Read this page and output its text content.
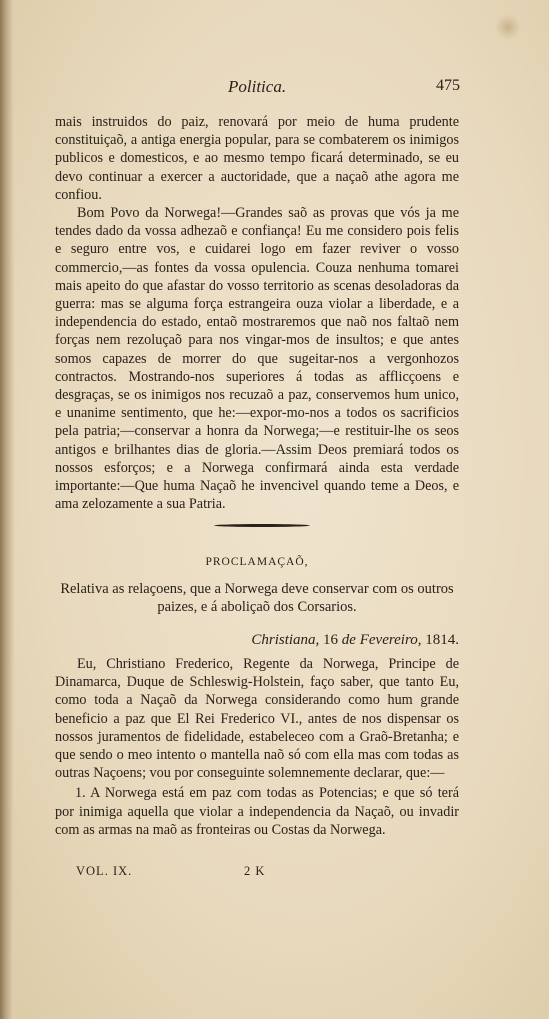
Politica.	475

mais instruidos do paiz, renovará por meio de huma prudente constituiçaõ, a antiga energia popular, para se combaterem os inimigos publicos e domesticos, e ao mesmo tempo ficará determinado, se eu devo continuar a exercer a auctoridade, que a naçaõ athe agora me confiou.

Bom Povo da Norwega!—Grandes saõ as provas que vós ja me tendes dado da vossa adhezaõ e confiança! Eu me considero pois felis e seguro entre vos, e cuidarei logo em fazer reviver o vosso commercio,—as fontes da vossa opulencia. Couza nenhuma tomarei mais apeito do que afastar do vosso territorio as scenas desoladoras da guerra: mas se alguma força estrangeira ouza violar a liberdade, e a independencia do estado, entaõ mostraremos que naõ nos faltaõ nem forças nem rezoluçaõ para nos vingar-mos de insultos; e que antes somos capazes de morrer do que sugeitar-nos a vergonhozos contractos. Mostrando-nos superiores á todas as afflicçoens e desgraças, se os inimigos nos recuzaõ a paz, conservemos hum unico, e unanime sentimento, que he:—expor-mo-nos a todos os sacrificios pela patria;—conservar a honra da Norwega;—e restituir-lhe os seos antigos e brilhantes dias de gloria.—Assim Deos premiará todos os nossos esforços; e a Norwega confirmará ainda esta verdade importante:—Que huma Naçaõ he invencivel quando teme a Deos, e ama zelozamente a sua Patria.

PROCLAMAÇAÕ,
Relativa as relaçoens, que a Norwega deve conservar com os outros paizes, e á aboliçaõ dos Corsarios.
Christiana, 16 de Fevereiro, 1814.

Eu, Christiano Frederico, Regente da Norwega, Principe de Dinamarca, Duque de Schleswig-Holstein, faço saber, que tanto Eu, como toda a Naçaõ da Norwega considerando como hum grande beneficio a paz que El Rei Frederico VI., antes de nos dispensar os nossos juramentos de fidelidade, estabeleceo com a Graõ-Bretanha; e que sendo o meo intento o mantella naõ só com ella mas com todas as outras Naçoens; vou por conseguinte solemnemente declarar, que:—

1. A Norwega está em paz com todas as Potencias; e que só terá por inimiga aquella que violar a independencia da Naçaõ, ou invadir com as armas na maõ as fronteiras ou Costas da Norwega.

VOL. IX.	2 K
